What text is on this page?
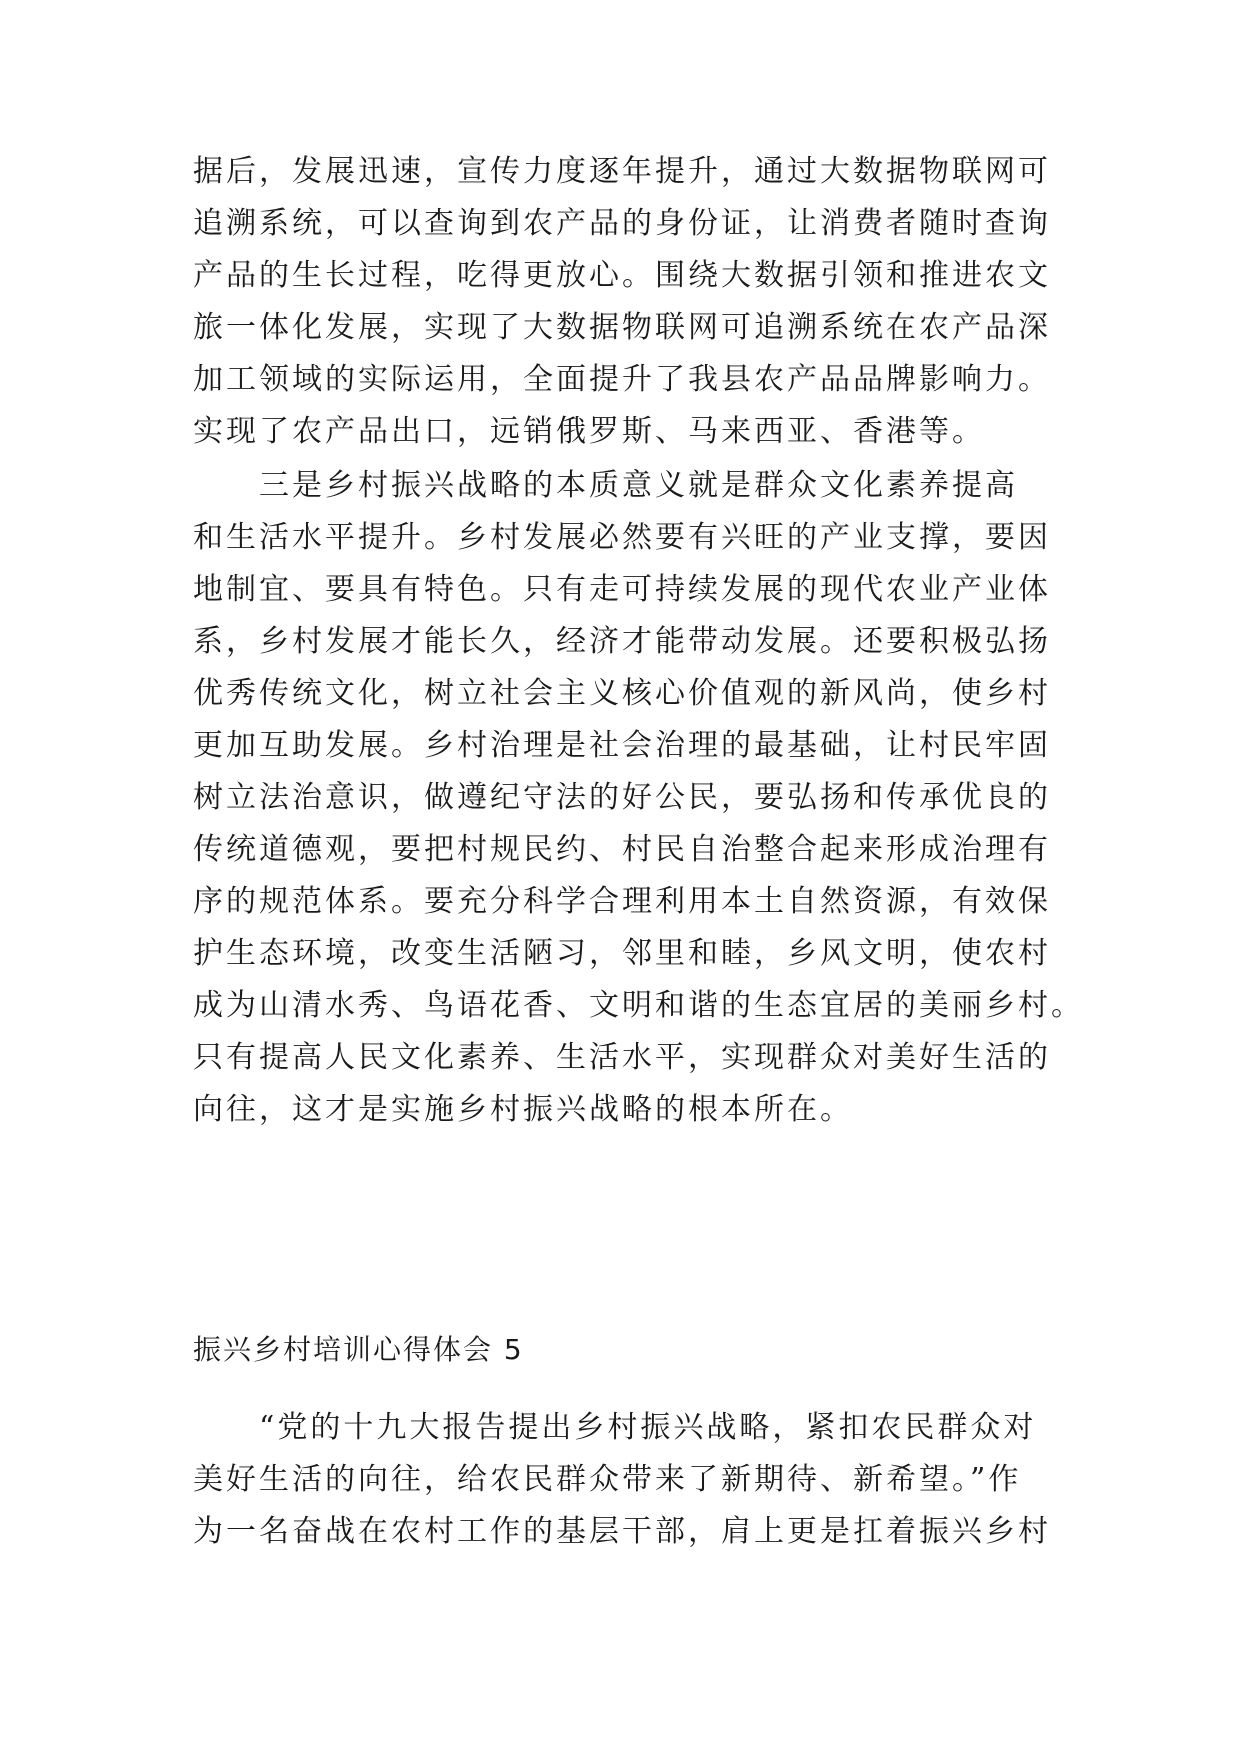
据后，发展迅速，宣传力度逐年提升，通过大数据物联网可
追溯系统，可以查询到农产品的身份证，让消费者随时查询
产品的生长过程，吃得更放心。围绕大数据引领和推进农文
旅一体化发展，实现了大数据物联网可追溯系统在农产品深
加工领域的实际运用，全面提升了我县农产品品牌影响力。
实现了农产品出口，远销俄罗斯、马来西亚、香港等。
三是乡村振兴战略的本质意义就是群众文化素养提高
和生活水平提升。乡村发展必然要有兴旺的产业支撑，要因
地制宜、要具有特色。只有走可持续发展的现代农业产业体
系，乡村发展才能长久，经济才能带动发展。还要积极弘扬
优秀传统文化，树立社会主义核心价值观的新风尚，使乡村
更加互助发展。乡村治理是社会治理的最基础，让村民牢固
树立法治意识，做遵纪守法的好公民，要弘扬和传承优良的
传统道德观，要把村规民约、村民自治整合起来形成治理有
序的规范体系。要充分科学合理利用本土自然资源，有效保
护生态环境，改变生活陋习，邻里和睦，乡风文明，使农村
成为山清水秀、鸟语花香、文明和谐的生态宜居的美丽乡村。
只有提高人民文化素养、生活水平，实现群众对美好生活的
向往，这才是实施乡村振兴战略的根本所在。
振兴乡村培训心得体会 5
“党的十九大报告提出乡村振兴战略，紧扣农民群众对
美好生活的向往，给农民群众带来了新期待、新希望。”作
为一名奋战在农村工作的基层干部，肩上更是扛着振兴乡村
